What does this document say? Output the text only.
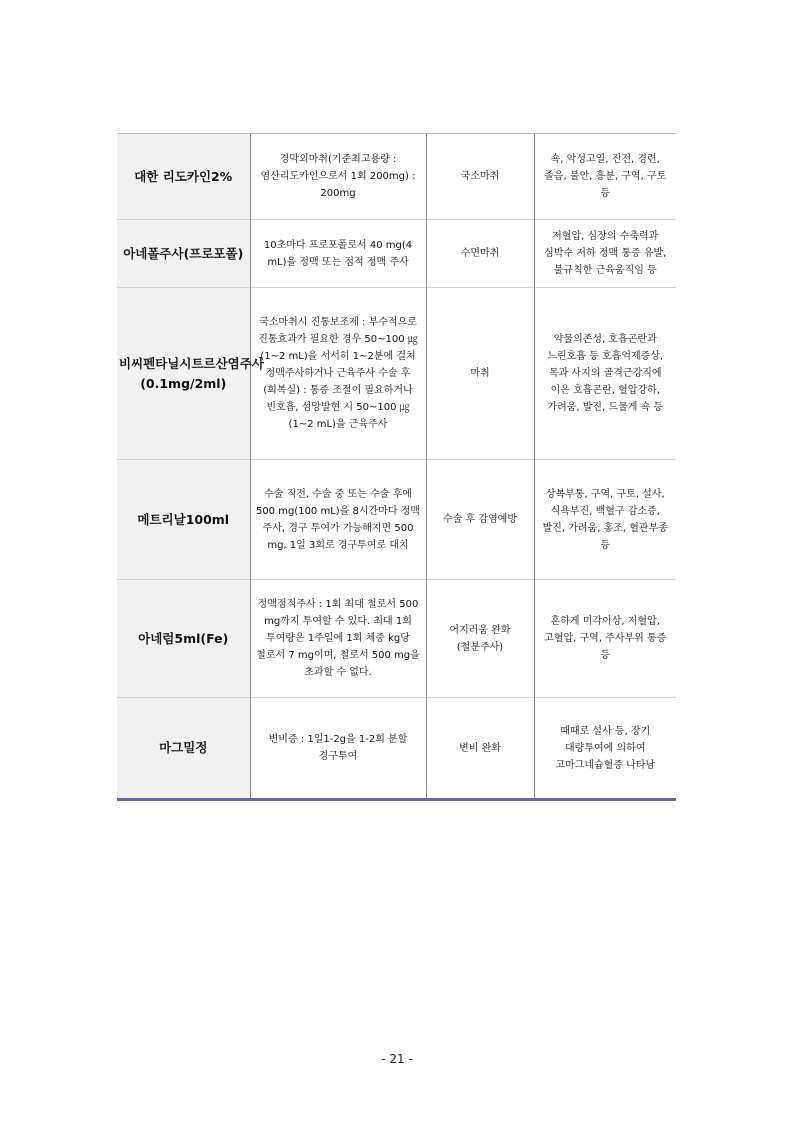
대한 리도카인2%	경막외마취(기준최고용량 : 염산리도카인으로서 1회 200mg) : 200mg	국소마취	쇽, 악성고열, 진전, 경련, 졸음, 불안, 흥분, 구역, 구토 등
아네폴주사(프로포폴)	10초마다 프로포폴로서 40 mg(4 mL)을 정맥 또는 점적 정맥 주사	수면마취	저혈압, 심장의 수축력과 심박수 저하 정맥 통증 유발,불규칙한 근육움직임 등
비씨펜타닐시트르산염주사(0.1mg/2ml)	국소마취시 진통보조제 : 부수적으로 진통효과가 필요한 경우 50~100 ㎍(1~2 mL)을 서서히 1~2분에 걸쳐 정맥주사하거나 근육주사 수술 후(회복실) : 통증 조절이 필요하거나 빈호흡, 섬망발현 시 50~100 ㎍(1~2 mL)을 근육주사	마취	약물의존성, 호흡곤란과 느린호흡 등 호흡억제증상, 목과 사지의 골격근강직에 이은 호흡곤란, 혈압강하, 가려움, 발진, 드물게 쇽 등
메트리날100ml	수술 직전, 수술 중 또는 수술 후에 500 mg(100 mL)을 8시간마다 정맥 주사, 경구 투여가 가능해지면 500 mg, 1일 3회로 경구투여로 대치	수술 후 감염예방	상복부통, 구역, 구토, 설사, 식욕부진, 백혈구 감소증, 발진, 가려움, 홍조, 혈관부종 등
아네럼5ml(Fe)	정맥점적주사 : 1회 최대 철로서 500 mg까지 투여할 수 있다. 최대 1회 투여량은 1주일에 1회 체중 kg당 철로서 7 mg이며, 철로서 500 mg을 초과할 수 없다.	어지러움 완화 (철분주사)	흔하게 미각이상, 저혈압, 고혈압, 구역, 주사부위 통증 등
마그밀정	변비증 : 1일1-2g을 1-2회 분할 경구투여	변비 완화	때때로 설사 등, 장기 대량투여에 의하여 고마그네슘혈증 나타남
- 21 -
